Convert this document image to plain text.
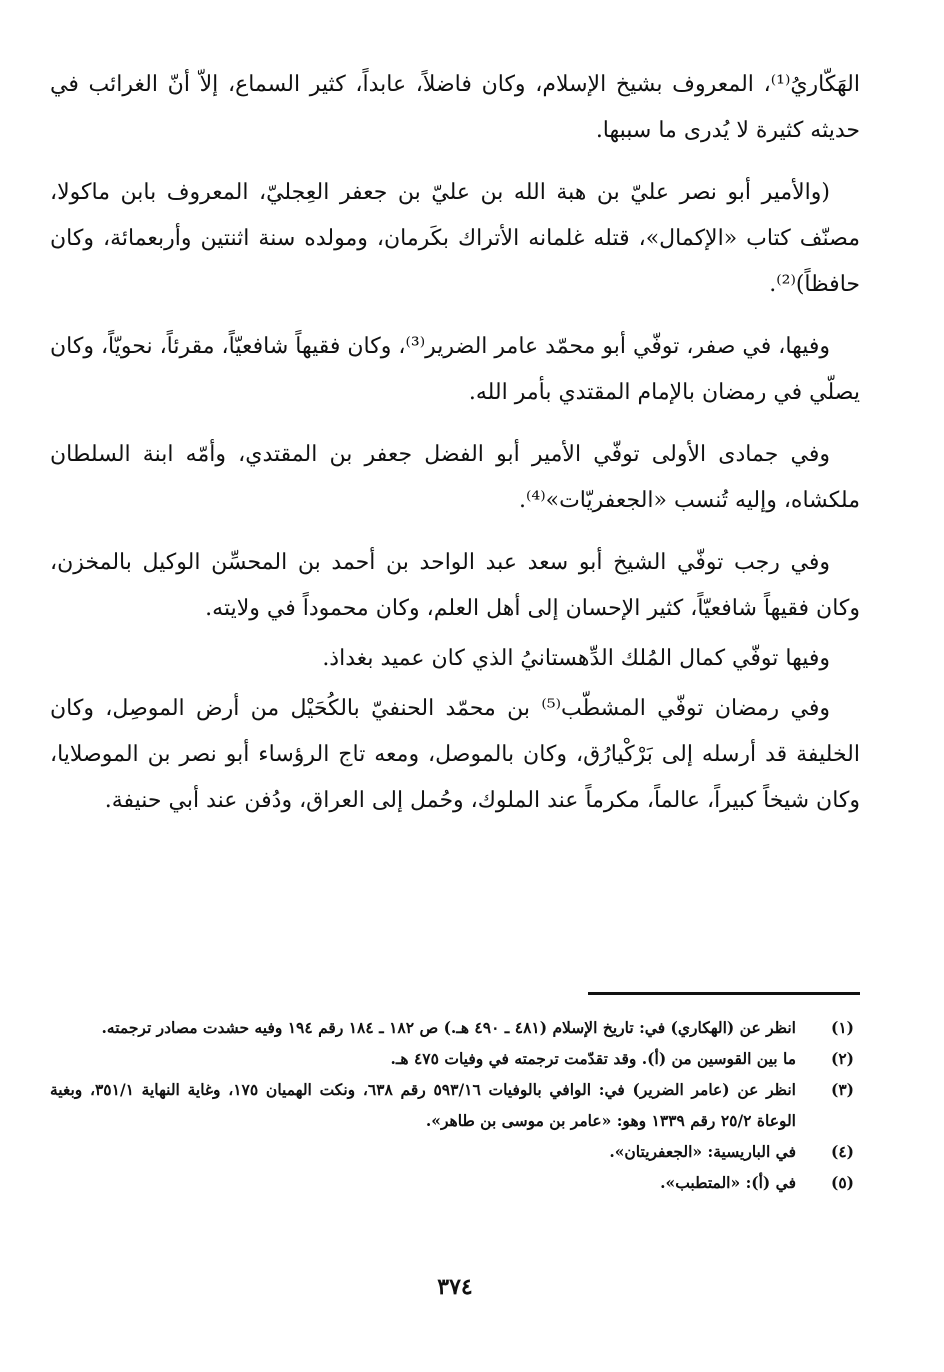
الهَكّاريُ⁽¹⁾، المعروف بشيخ الإسلام، وكان فاضلاً، عابداً، كثير السماع، إلاّ أنّ الغرائب في حديثه كثيرة لا يُدرى ما سببها.

(والأمير أبو نصر عليّ بن هبة الله بن عليّ بن جعفر العِجليّ، المعروف بابن ماكولا، مصنّف كتاب «الإكمال»، قتله غلمانه الأتراك بكَرمان، ومولده سنة اثنتين وأربعمائة، وكان حافظاً)⁽²⁾.

وفيها، في صفر، توفّي أبو محمّد عامر الضرير⁽³⁾، وكان فقيهاً شافعيّاً، مقرئاً، نحويّاً، وكان يصلّي في رمضان بالإمام المقتدي بأمر الله.

وفي جمادى الأولى توفّي الأمير أبو الفضل جعفر بن المقتدي، وأمّه ابنة السلطان ملكشاه، وإليه تُنسب «الجعفريّات»⁽⁴⁾.

وفي رجب توفّي الشيخ أبو سعد عبد الواحد بن أحمد بن المحسِّن الوكيل بالمخزن، وكان فقيهاً شافعيّاً، كثير الإحسان إلى أهل العلم، وكان محموداً في ولايته.

وفيها توفّي كمال المُلك الدِّهستانيُ الذي كان عميد بغداذ.

وفي رمضان توفّي المشطّب⁽⁵⁾ بن محمّد الحنفيّ بالكُحَيْل من أرض الموصِل، وكان الخليفة قد أرسله إلى بَرْكْيارُق، وكان بالموصل، ومعه تاج الرؤساء أبو نصر بن الموصلايا، وكان شيخاً كبيراً، عالماً، مكرماً عند الملوك، وحُمل إلى العراق، ودُفن عند أبي حنيفة.

(١)
انظر عن (الهكاري) في: تاريخ الإسلام (٤٨١ ـ ٤٩٠ هـ.) ص ١٨٢ ـ ١٨٤ رقم ١٩٤ وفيه حشدت مصادر ترجمته.
(٢)
ما بين القوسين من (أ). وقد تقدّمت ترجمته في وفيات ٤٧٥ هـ.
(٣)
انظر عن (عامر الضرير) في: الوافي بالوفيات ٥٩٣/١٦ رقم ٦٣٨، ونكت الهميان ١٧٥، وغاية النهاية ٣٥١/١، وبغية الوعاة ٢٥/٢ رقم ١٣٣٩ وهو: «عامر بن موسى بن طاهر».
(٤)
في الباريسية: «الجعفريتان».
(٥)
في (أ): «المتطبب».
٣٧٤
